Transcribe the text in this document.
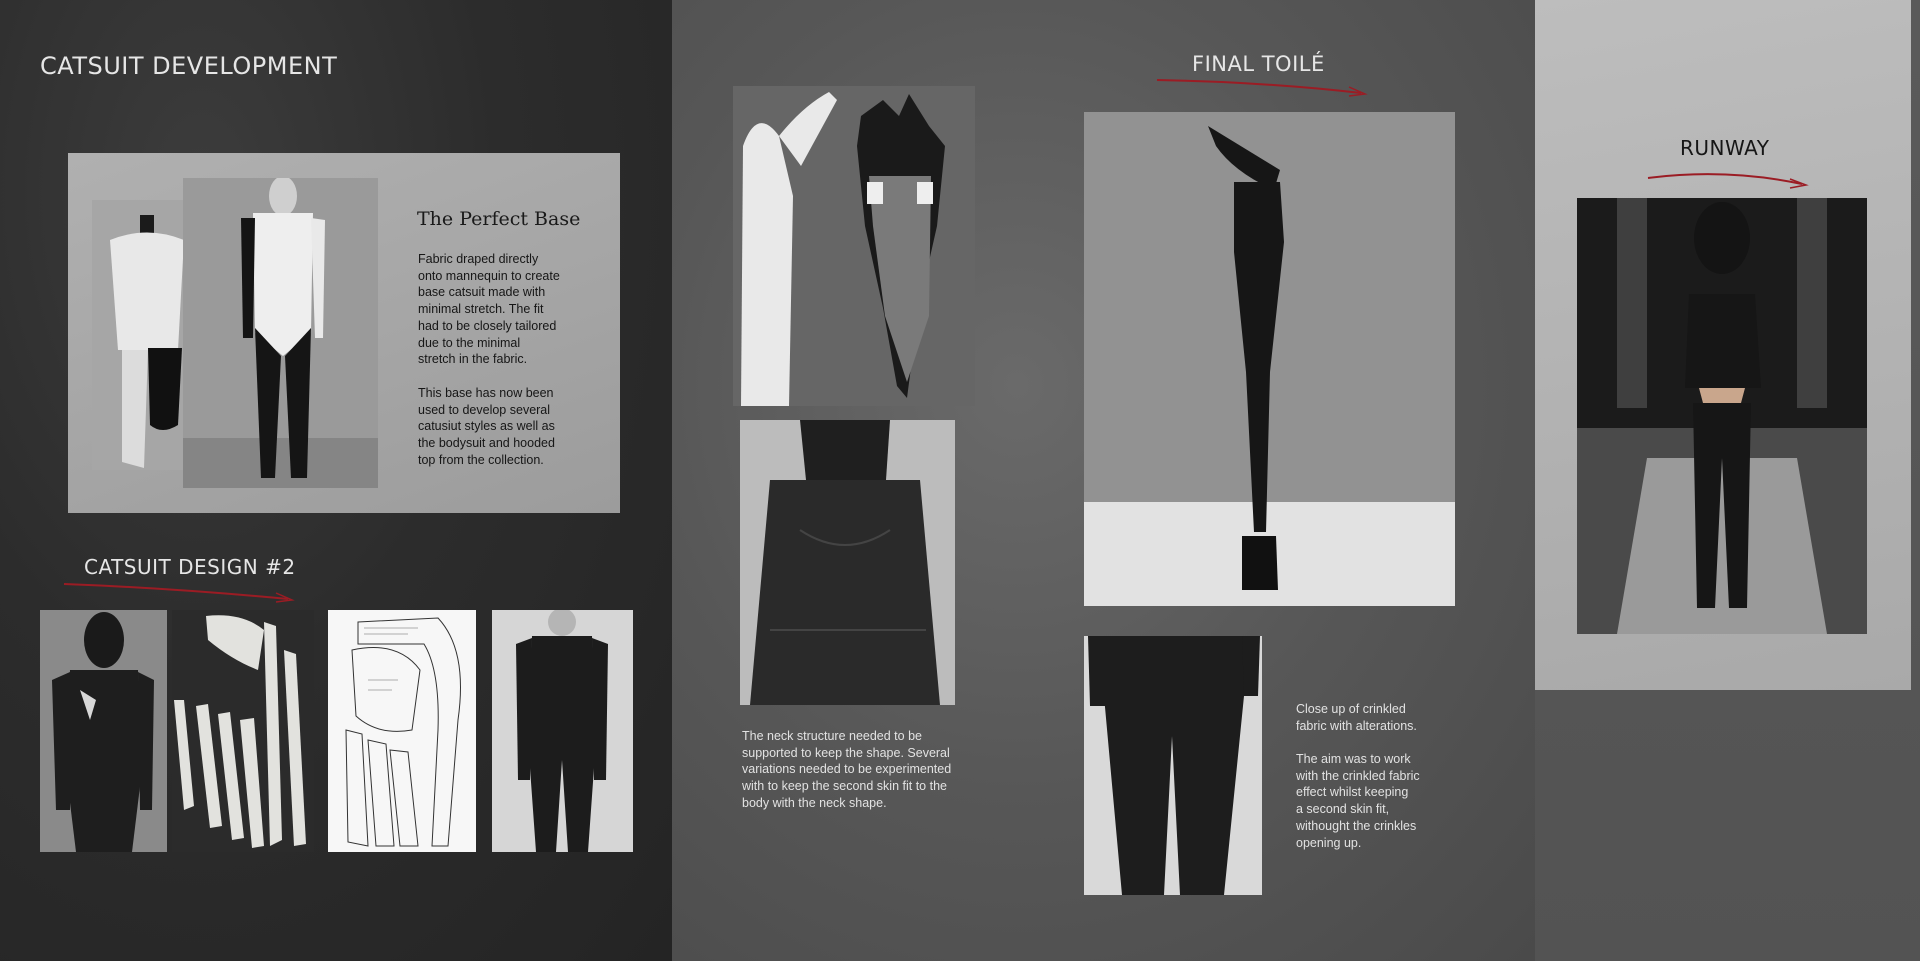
CATSUIT DEVELOPMENT
The Perfect Base

Fabric draped directly
onto mannequin to create
base catsuit made with
minimal stretch. The fit
had to be closely tailored
due to the minimal
stretch in the fabric.

This base has now been
used to develop several
catusiut styles as well as
the bodysuit and hooded
top from the collection.

CATSUIT DESIGN #2

The neck structure needed to be
supported to keep the shape. Several
variations needed to be experimented
with to keep the second skin fit to the
body with the neck shape.

FINAL TOILÉ

Close up of crinkled
fabric with alterations.

The aim was to work
with the crinkled fabric
effect whilst keeping
a second skin fit,
withought the crinkles
opening up.

RUNWAY
